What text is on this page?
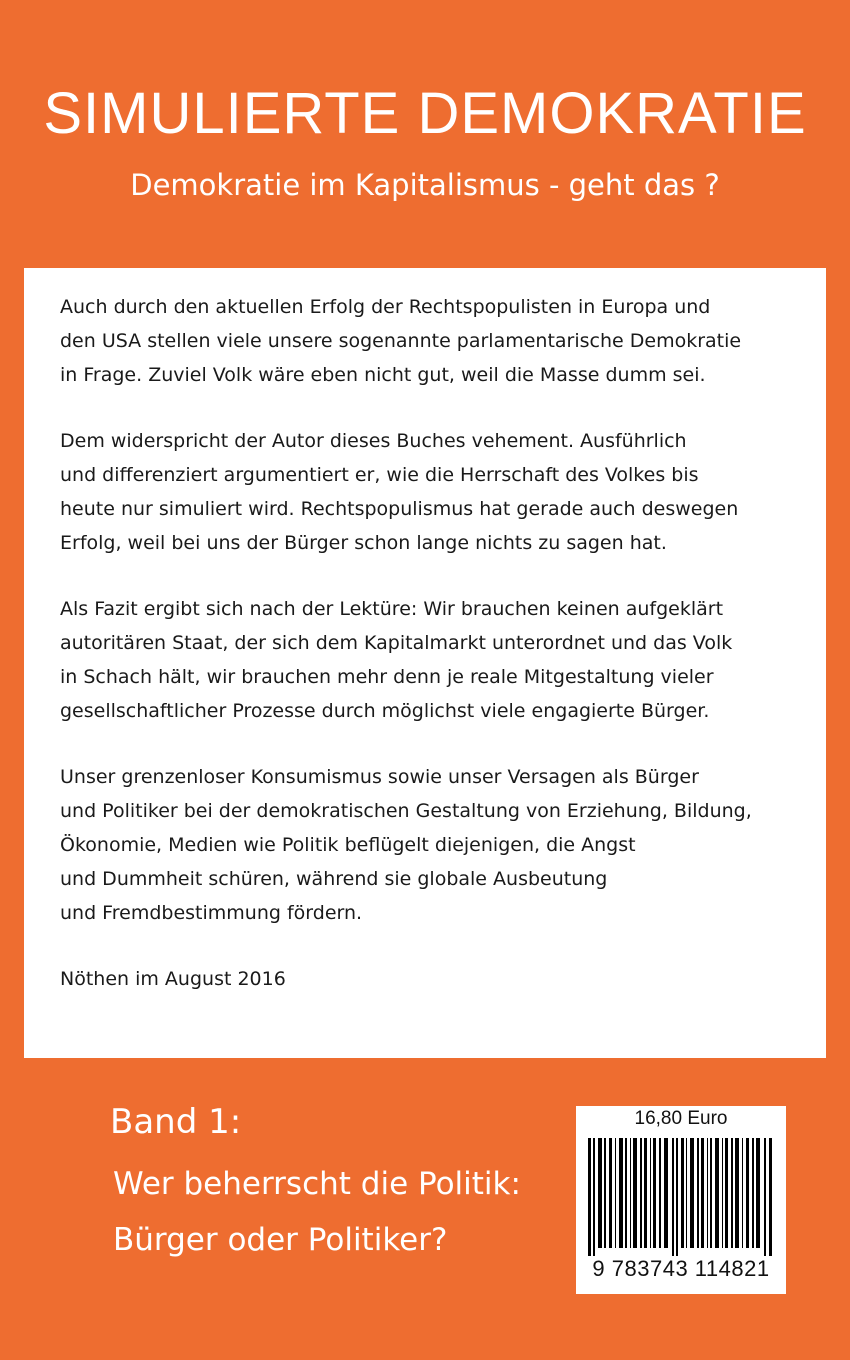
SIMULIERTE DEMOKRATIE
Demokratie im Kapitalismus - geht das ?

Auch durch den aktuellen Erfolg der Rechtspopulisten in Europa und
den USA stellen viele unsere sogenannte parlamentarische Demokratie
in Frage. Zuviel Volk wäre eben nicht gut, weil die Masse dumm sei.

Dem widerspricht der Autor dieses Buches vehement. Ausführlich
und differenziert argumentiert er, wie die Herrschaft des Volkes bis
heute nur simuliert wird. Rechtspopulismus hat gerade auch deswegen
Erfolg, weil bei uns der Bürger schon lange nichts zu sagen hat.

Als Fazit ergibt sich nach der Lektüre: Wir brauchen keinen aufgeklärt
autoritären Staat, der sich dem Kapitalmarkt unterordnet und das Volk
in Schach hält, wir brauchen mehr denn je reale Mitgestaltung vieler
gesellschaftlicher Prozesse durch möglichst viele engagierte Bürger.

Unser grenzenloser Konsumismus sowie unser Versagen als Bürger
und Politiker bei der demokratischen Gestaltung von Erziehung, Bildung,
Ökonomie, Medien wie Politik beflügelt diejenigen, die Angst
und Dummheit schüren, während sie globale Ausbeutung
und Fremdbestimmung fördern.

Nöthen im August 2016

Band 1:
Wer beherrscht die Politik:
Bürger oder Politiker?
16,80 Euro
9 783743 114821
